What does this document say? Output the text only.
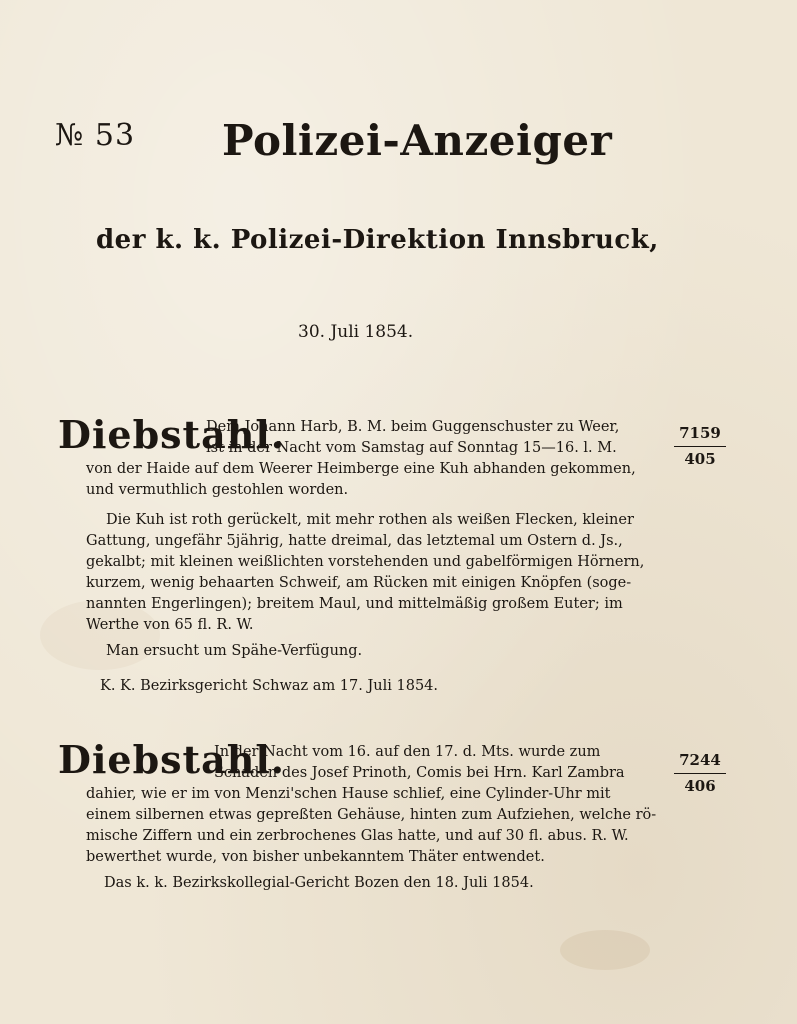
№ 53 Polizei-Anzeiger
der k. k. Polizei-Direktion Innsbruck,
30. Juli 1854.
Diebstahl.	7159
405
Dem Johann Harb, B. M. beim Guggenschuster zu Weer,
ist in der Nacht vom Samstag auf Sonntag 15—16. l. M.
von der Haide auf dem Weerer Heimberge eine Kuh abhanden gekommen,
und vermuthlich gestohlen worden.
Die Kuh ist roth gerückelt, mit mehr rothen als weißen Flecken, kleiner
Gattung, ungefähr 5jährig, hatte dreimal, das letztemal um Ostern d. Js.,
gekalbt; mit kleinen weißlichten vorstehenden und gabelförmigen Hörnern,
kurzem, wenig behaarten Schweif, am Rücken mit einigen Knöpfen (soge-
nannten Engerlingen); breitem Maul, und mittelmäßig großem Euter; im
Werthe von 65 fl. R. W.
Man ersucht um Spähe-Verfügung.
K. K. Bezirksgericht Schwaz am 17. Juli 1854.
Diebstahl.	7244
406
In der Nacht vom 16. auf den 17. d. Mts. wurde zum
Schaden des Josef Prinoth, Comis bei Hrn. Karl Zambra
dahier, wie er im von Menzi'schen Hause schlief, eine Cylinder-Uhr mit
einem silbernen etwas gepreßten Gehäuse, hinten zum Aufziehen, welche rö-
mische Ziffern und ein zerbrochenes Glas hatte, und auf 30 fl. abus. R. W.
bewerthet wurde, von bisher unbekanntem Thäter entwendet.
Das k. k. Bezirkskollegial-Gericht Bozen den 18. Juli 1854.
